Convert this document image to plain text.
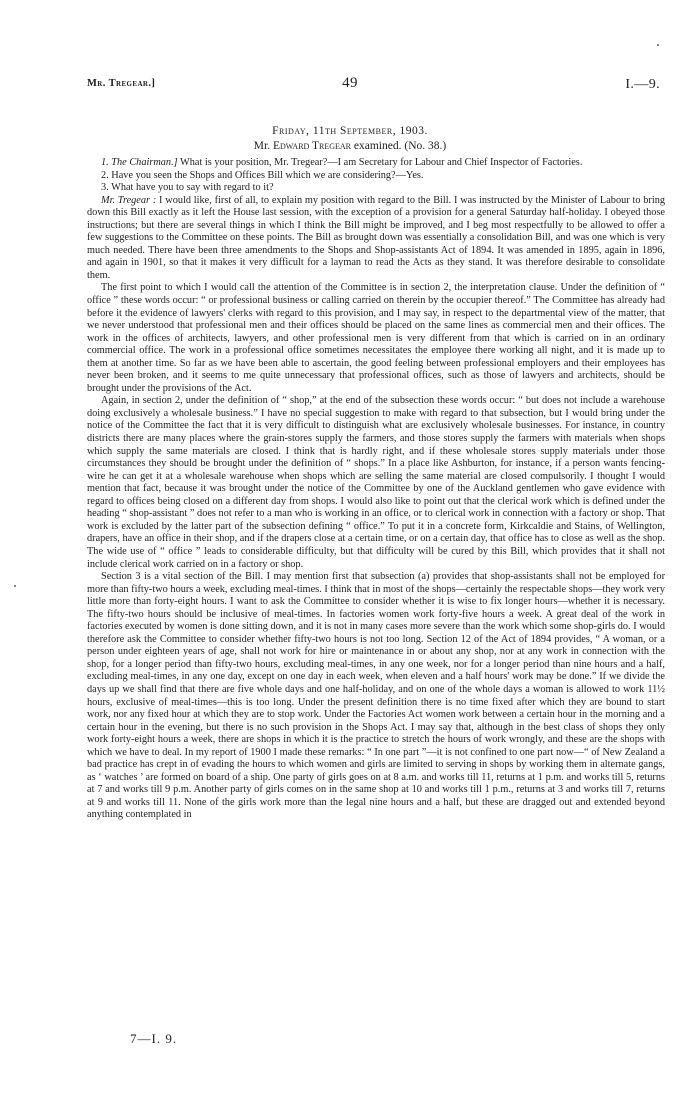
Mr. Tregear.]	49	I.—9.
Friday, 11th September, 1903.
Mr. Edward Tregear examined. (No. 38.)

1. The Chairman.] What is your position, Mr. Tregear?—I am Secretary for Labour and Chief Inspector of Factories.

2. Have you seen the Shops and Offices Bill which we are considering?—Yes.

3. What have you to say with regard to it?

Mr. Tregear : I would like, first of all, to explain my position with regard to the Bill. I was instructed by the Minister of Labour to bring down this Bill exactly as it left the House last session, with the exception of a provision for a general Saturday half-holiday. I obeyed those instructions; but there are several things in which I think the Bill might be improved, and I beg most respectfully to be allowed to offer a few suggestions to the Committee on these points. The Bill as brought down was essentially a consolidation Bill, and was one which is very much needed. There have been three amendments to the Shops and Shop-assistants Act of 1894. It was amended in 1895, again in 1896, and again in 1901, so that it makes it very difficult for a layman to read the Acts as they stand. It was therefore desirable to consolidate them.

The first point to which I would call the attention of the Committee is in section 2, the interpretation clause. Under the definition of “ office ” these words occur: “ or professional business or calling carried on therein by the occupier thereof.” The Committee has already had before it the evidence of lawyers' clerks with regard to this provision, and I may say, in respect to the departmental view of the matter, that we never understood that professional men and their offices should be placed on the same lines as commercial men and their offices. The work in the offices of architects, lawyers, and other professional men is very different from that which is carried on in an ordinary commercial office. The work in a professional office sometimes necessitates the employee there working all night, and it is made up to them at another time. So far as we have been able to ascertain, the good feeling between professional employers and their employees has never been broken, and it seems to me quite unnecessary that professional offices, such as those of lawyers and architects, should be brought under the provisions of the Act.

Again, in section 2, under the definition of “ shop,” at the end of the subsection these words occur: “ but does not include a warehouse doing exclusively a wholesale business.” I have no special suggestion to make with regard to that subsection, but I would bring under the notice of the Committee the fact that it is very difficult to distinguish what are exclusively wholesale businesses. For instance, in country districts there are many places where the grain-stores supply the farmers, and those stores supply the farmers with materials when shops which supply the same materials are closed. I think that is hardly right, and if these wholesale stores supply materials under those circumstances they should be brought under the definition of “ shops.” In a place like Ashburton, for instance, if a person wants fencing-wire he can get it at a wholesale warehouse when shops which are selling the same material are closed compulsorily. I thought I would mention that fact, because it was brought under the notice of the Committee by one of the Auckland gentlemen who gave evidence with regard to offices being closed on a different day from shops. I would also like to point out that the clerical work which is defined under the heading “ shop-assistant ” does not refer to a man who is working in an office, or to clerical work in connection with a factory or shop. That work is excluded by the latter part of the subsection defining “ office.” To put it in a concrete form, Kirkcaldie and Stains, of Wellington, drapers, have an office in their shop, and if the drapers close at a certain time, or on a certain day, that office has to close as well as the shop. The wide use of “ office ” leads to considerable difficulty, but that difficulty will be cured by this Bill, which provides that it shall not include clerical work carried on in a factory or shop.

Section 3 is a vital section of the Bill. I may mention first that subsection (a) provides that shop-assistants shall not be employed for more than fifty-two hours a week, excluding meal-times. I think that in most of the shops—certainly the respectable shops—they work very little more than forty-eight hours. I want to ask the Committee to consider whether it is wise to fix longer hours—whether it is necessary. The fifty-two hours should be inclusive of meal-times. In factories women work forty-five hours a week. A great deal of the work in factories executed by women is done sitting down, and it is not in many cases more severe than the work which some shop-girls do. I would therefore ask the Committee to consider whether fifty-two hours is not too long. Section 12 of the Act of 1894 provides, “ A woman, or a person under eighteen years of age, shall not work for hire or maintenance in or about any shop, nor at any work in connection with the shop, for a longer period than fifty-two hours, excluding meal-times, in any one week, nor for a longer period than nine hours and a half, excluding meal-times, in any one day, except on one day in each week, when eleven and a half hours' work may be done.” If we divide the days up we shall find that there are five whole days and one half-holiday, and on one of the whole days a woman is allowed to work 11½ hours, exclusive of meal-times—this is too long. Under the present definition there is no time fixed after which they are bound to start work, nor any fixed hour at which they are to stop work. Under the Factories Act women work between a certain hour in the morning and a certain hour in the evening, but there is no such provision in the Shops Act. I may say that, although in the best class of shops they only work forty-eight hours a week, there are shops in which it is the practice to stretch the hours of work wrongly, and these are the shops with which we have to deal. In my report of 1900 I made these remarks: “ In one part ”—it is not confined to one part now—“ of New Zealand a bad practice has crept in of evading the hours to which women and girls are limited to serving in shops by working them in alternate gangs, as ‘ watches ’ are formed on board of a ship. One party of girls goes on at 8 a.m. and works till 11, returns at 1 p.m. and works till 5, returns at 7 and works till 9 p.m. Another party of girls comes on in the same shop at 10 and works till 1 p.m., returns at 3 and works till 7, returns at 9 and works till 11. None of the girls work more than the legal nine hours and a half, but these are dragged out and extended beyond anything contemplated in

7—I. 9.
